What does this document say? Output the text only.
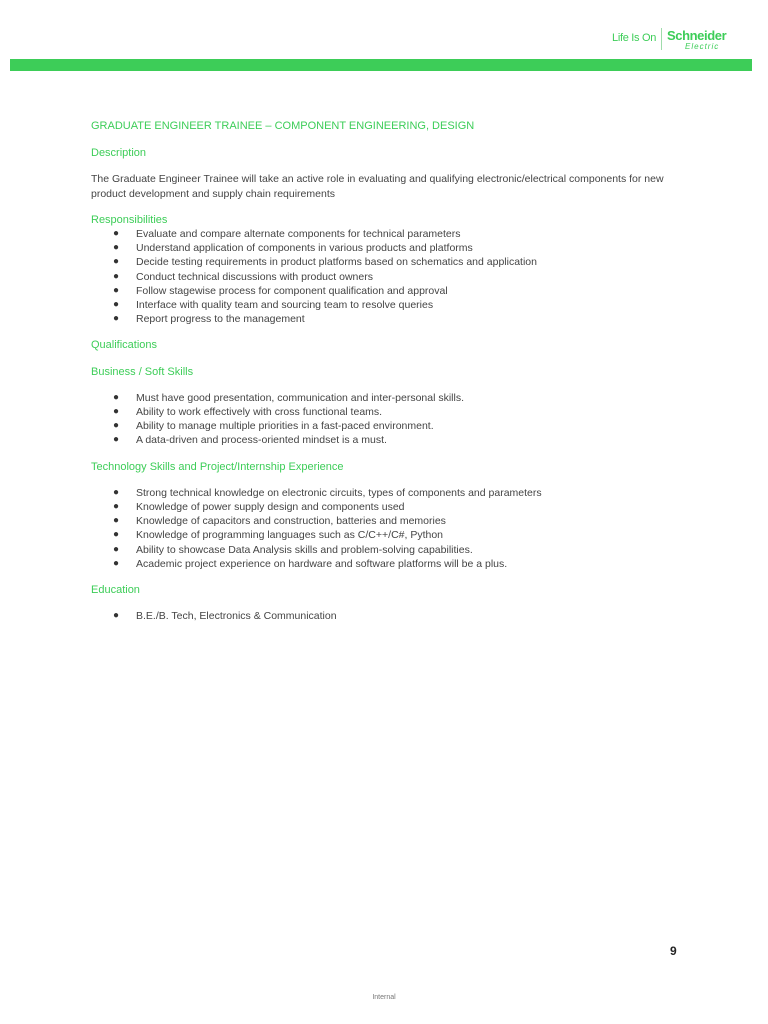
Life Is On Schneider
Electric

GRADUATE ENGINEER TRAINEE – COMPONENT ENGINEERING, DESIGN

Description

The Graduate Engineer Trainee will take an active role in evaluating and qualifying electronic/electrical components for new product development and supply chain requirements

Responsibilities

● Evaluate and compare alternate components for technical parameters
● Understand application of components in various products and platforms
● Decide testing requirements in product platforms based on schematics and application
● Conduct technical discussions with product owners
● Follow stagewise process for component qualification and approval
● Interface with quality team and sourcing team to resolve queries
● Report progress to the management

Qualifications

Business / Soft Skills

● Must have good presentation, communication and inter-personal skills.
● Ability to work effectively with cross functional teams.
● Ability to manage multiple priorities in a fast-paced environment.
● A data-driven and process-oriented mindset is a must.

Technology Skills and Project/Internship Experience

● Strong technical knowledge on electronic circuits, types of components and parameters
● Knowledge of power supply design and components used
● Knowledge of capacitors and construction, batteries and memories
● Knowledge of programming languages such as C/C++/C#, Python
● Ability to showcase Data Analysis skills and problem-solving capabilities.
● Academic project experience on hardware and software platforms will be a plus.

Education

● B.E./B. Tech, Electronics & Communication
9
Internal
